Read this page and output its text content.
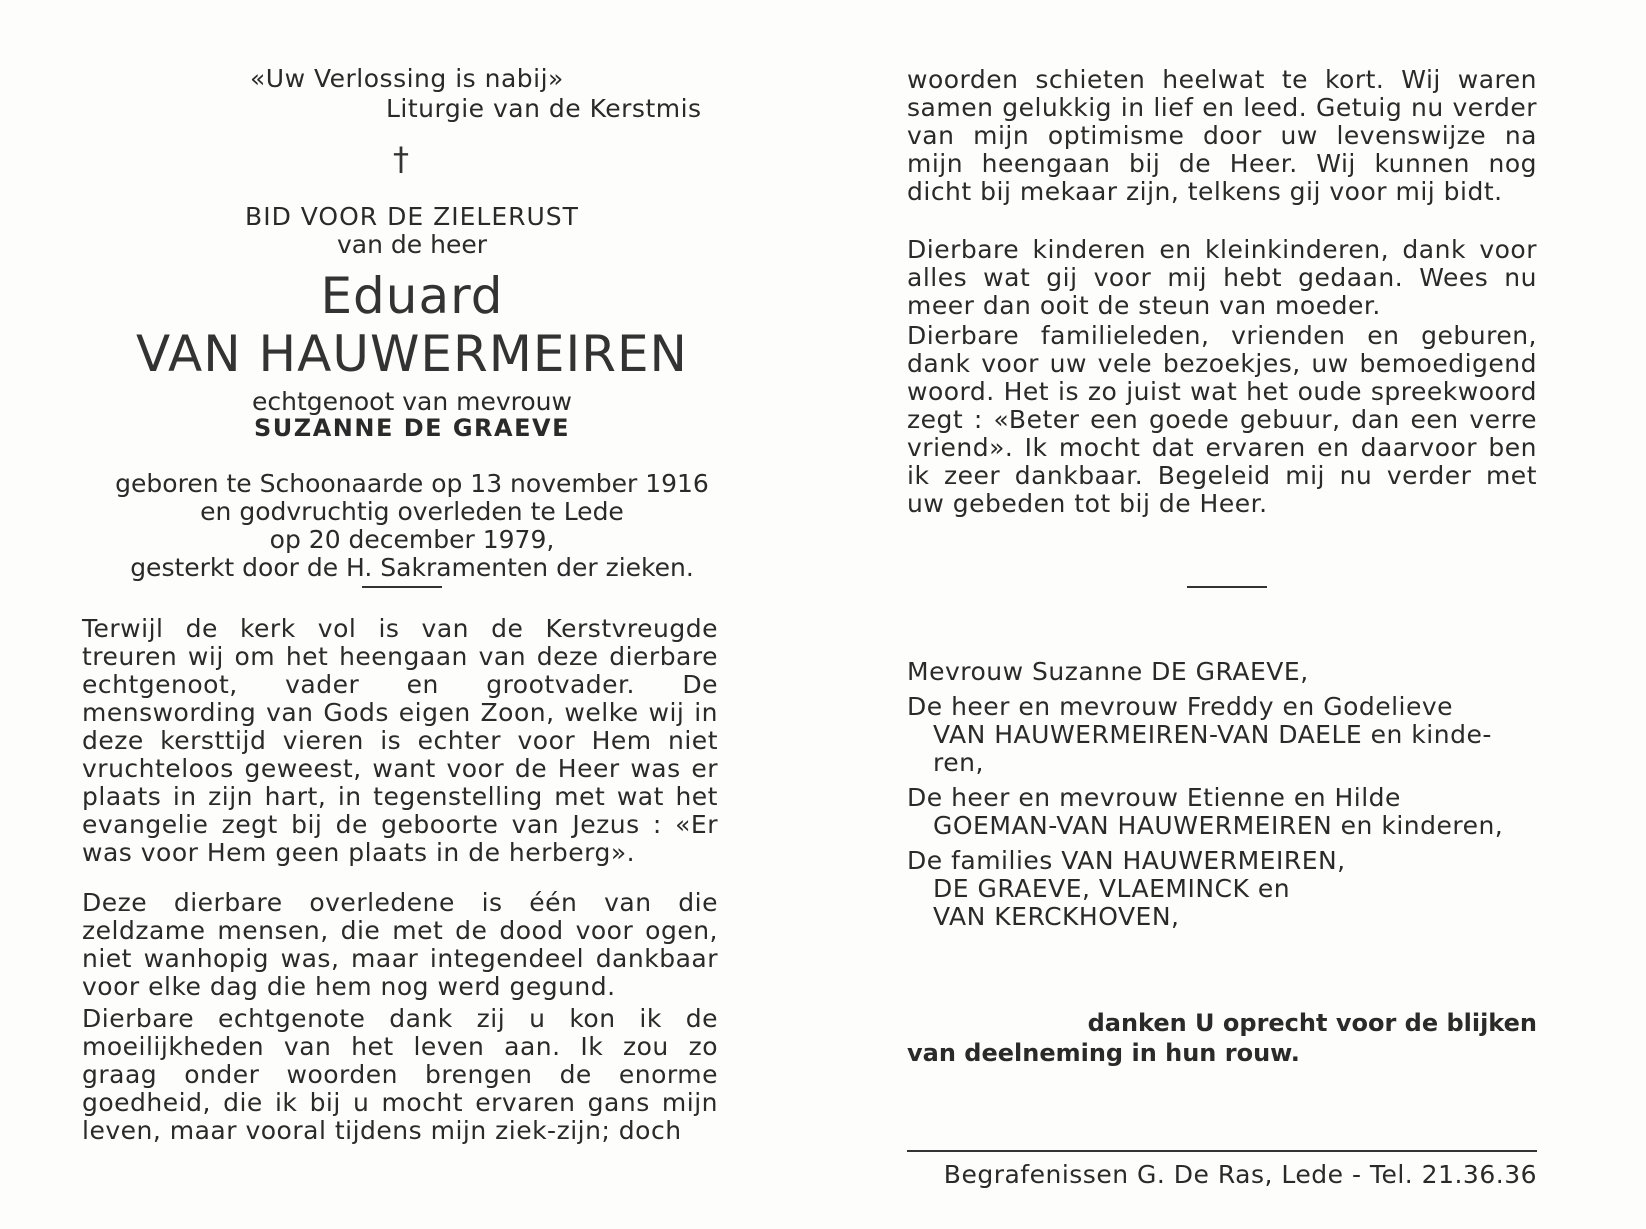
«Uw Verlossing is nabij»
Liturgie van de Kerstmis
†
BID VOOR DE ZIELERUST
van de heer
Eduard
VAN HAUWERMEIREN
echtgenoot van mevrouw
SUZANNE DE GRAEVE
geboren te Schoonaarde op 13 november 1916
en godvruchtig overleden te Lede
op 20 december 1979,
gesterkt door de H. Sakramenten der zieken.
Terwijl de kerk vol is van de Kerstvreugde treuren wij om het heengaan van deze dierbare echtgenoot, vader en grootvader. De menswording van Gods eigen Zoon, welke wij in deze kersttijd vieren is echter voor Hem niet vruchteloos geweest, want voor de Heer was er plaats in zijn hart, in tegenstelling met wat het evangelie zegt bij de geboorte van Jezus : «Er was voor Hem geen plaats in de herberg».
Deze dierbare overledene is één van die zeldzame mensen, die met de dood voor ogen, niet wanhopig was, maar integendeel dankbaar voor elke dag die hem nog werd gegund.
Dierbare echtgenote dank zij u kon ik de moeilijkheden van het leven aan. Ik zou zo graag onder woorden brengen de enorme goedheid, die ik bij u mocht ervaren gans mijn leven, maar vooral tijdens mijn ziek-zijn; doch
woorden schieten heelwat te kort. Wij waren samen gelukkig in lief en leed. Getuig nu verder van mijn optimisme door uw levenswijze na mijn heengaan bij de Heer. Wij kunnen nog dicht bij mekaar zijn, telkens gij voor mij bidt.
Dierbare kinderen en kleinkinderen, dank voor alles wat gij voor mij hebt gedaan. Wees nu meer dan ooit de steun van moeder.
Dierbare familieleden, vrienden en geburen, dank voor uw vele bezoekjes, uw bemoedigend woord. Het is zo juist wat het oude spreekwoord zegt : «Beter een goede gebuur, dan een verre vriend». Ik mocht dat ervaren en daarvoor ben ik zeer dankbaar. Begeleid mij nu verder met uw gebeden tot bij de Heer.
Mevrouw Suzanne DE GRAEVE,
De heer en mevrouw Freddy en Godelieve
VAN HAUWERMEIREN-VAN DAELE en kinde-
ren,
De heer en mevrouw Etienne en Hilde
GOEMAN-VAN HAUWERMEIREN en kinderen,
De families VAN HAUWERMEIREN,
DE GRAEVE, VLAEMINCK en
VAN KERCKHOVEN,
danken U oprecht voor de blijken
van deelneming in hun rouw.
Begrafenissen G. De Ras, Lede - Tel. 21.36.36
